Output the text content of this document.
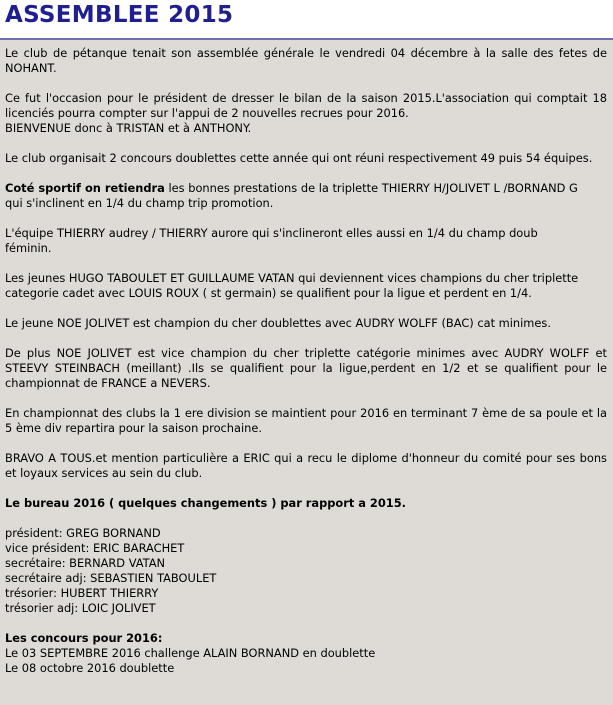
ASSEMBLEE 2015

Le club de pétanque tenait son assemblée générale le vendredi 04 décembre à la salle des fetes de NOHANT.

Ce fut l'occasion pour le président de dresser le bilan de la saison 2015.L'association qui comptait 18 licenciés pourra compter sur l'appui de 2 nouvelles recrues pour 2016.
BIENVENUE donc à TRISTAN et à ANTHONY.

Le club organisait 2 concours doublettes cette année qui ont réuni respectivement 49 puis 54 équipes.

Coté sportif on retiendra les bonnes prestations de la triplette THIERRY H/JOLIVET L /BORNAND G
qui s'inclinent en 1/4 du champ trip promotion.

L'équipe THIERRY audrey / THIERRY aurore qui s'inclineront elles aussi en 1/4 du champ doub
féminin.

Les jeunes HUGO TABOULET ET GUILLAUME VATAN qui deviennent vices champions du cher triplette
categorie cadet avec LOUIS ROUX ( st germain) se qualifient pour la ligue et perdent en 1/4.

Le jeune NOE JOLIVET est champion du cher doublettes avec AUDRY WOLFF (BAC) cat minimes.

De plus NOE JOLIVET est vice champion du cher triplette catégorie minimes avec AUDRY WOLFF et STEEVY STEINBACH (meillant) .Ils se qualifient pour la ligue,perdent en 1/2 et se qualifient pour le championnat de FRANCE a NEVERS.

En championnat des clubs la 1 ere division se maintient pour 2016 en terminant 7 ème de sa poule et la 5 ème div repartira pour la saison prochaine.

BRAVO A TOUS.et mention particulière a ERIC qui a recu le diplome d'honneur du comité pour ses bons et loyaux services au sein du club.

Le bureau 2016 ( quelques changements ) par rapport a 2015.

président: GREG BORNAND
vice président: ERIC BARACHET
secrétaire: BERNARD VATAN
secrétaire adj: SEBASTIEN TABOULET
trésorier: HUBERT THIERRY
trésorier adj: LOIC JOLIVET

Les concours pour 2016:
Le 03 SEPTEMBRE 2016 challenge ALAIN BORNAND en doublette
Le 08 octobre 2016 doublette
